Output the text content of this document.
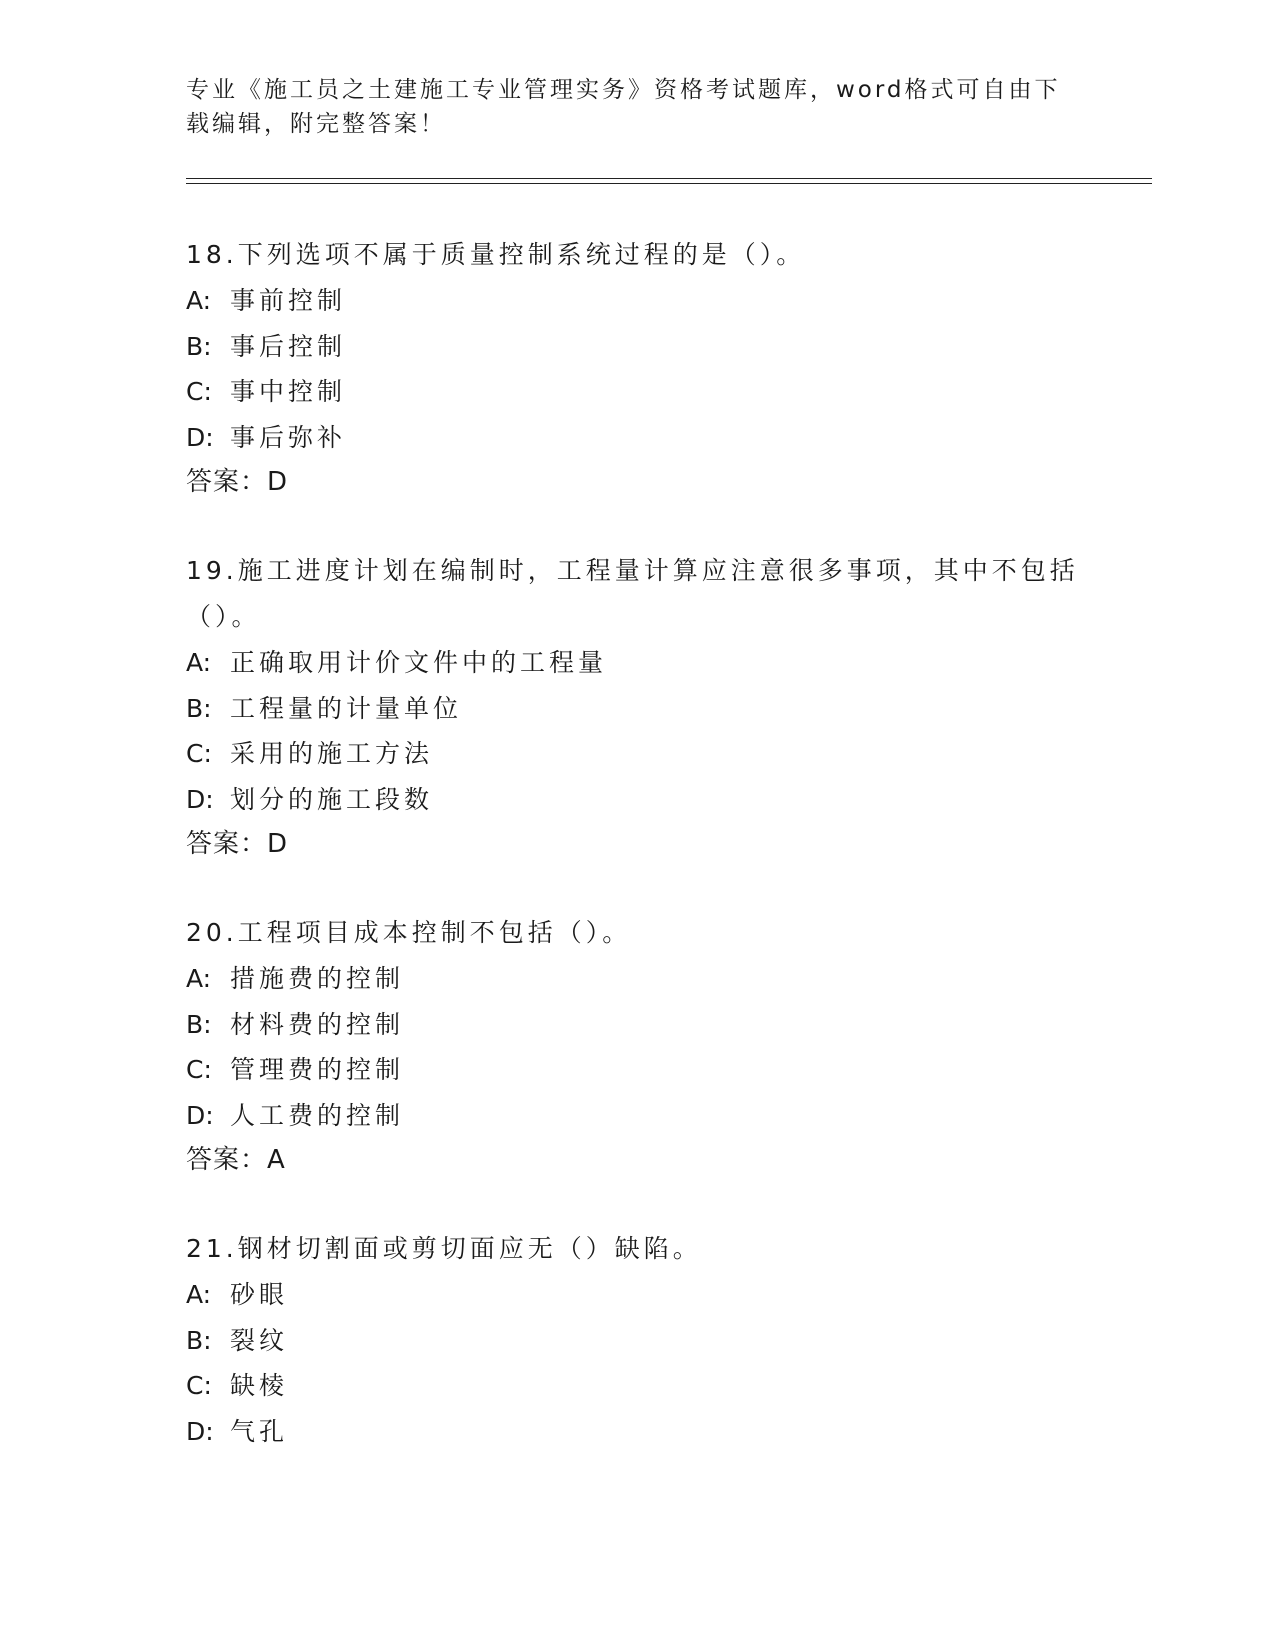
专业《施工员之土建施工专业管理实务》资格考试题库，word格式可自由下载编辑，附完整答案！

18.下列选项不属于质量控制系统过程的是（）。

A: 事前控制

B: 事后控制

C: 事中控制

D: 事后弥补

答案：D

19.施工进度计划在编制时，工程量计算应注意很多事项，其中不包括（）。

A: 正确取用计价文件中的工程量

B: 工程量的计量单位

C: 采用的施工方法

D: 划分的施工段数

答案：D

20.工程项目成本控制不包括（）。

A: 措施费的控制

B: 材料费的控制

C: 管理费的控制

D: 人工费的控制

答案：A

21.钢材切割面或剪切面应无（）缺陷。

A: 砂眼

B: 裂纹

C: 缺棱

D: 气孔
